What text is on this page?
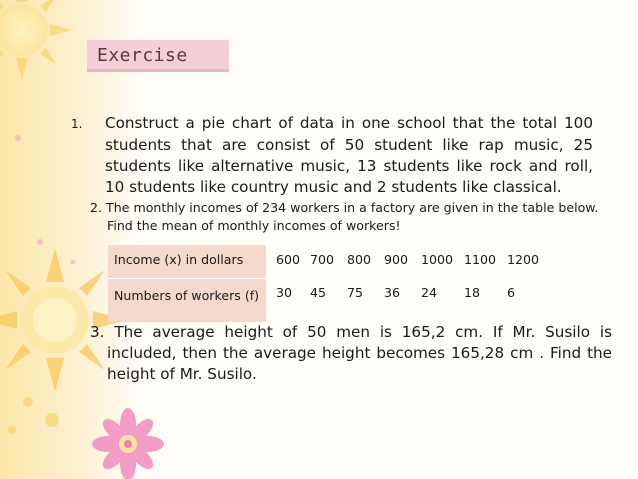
Exercise
1. Construct a pie chart of data in one school that the total 100 students that are consist of 50 student like rap music, 25 students like alternative music, 13 students like rock and roll, 10 students like country music and 2 students like classical.
2. The monthly incomes of 234 workers in a factory are given in the table below. Find the mean of monthly incomes of workers!
Income (x) in dollars		600	700	800	900	1000	1100	1200
Numbers of workers (f)		30	45	75	36	24	18	6
3. The average height of 50 men is 165,2 cm. If Mr. Susilo is included, then the average height becomes 165,28 cm . Find the height of Mr. Susilo.
